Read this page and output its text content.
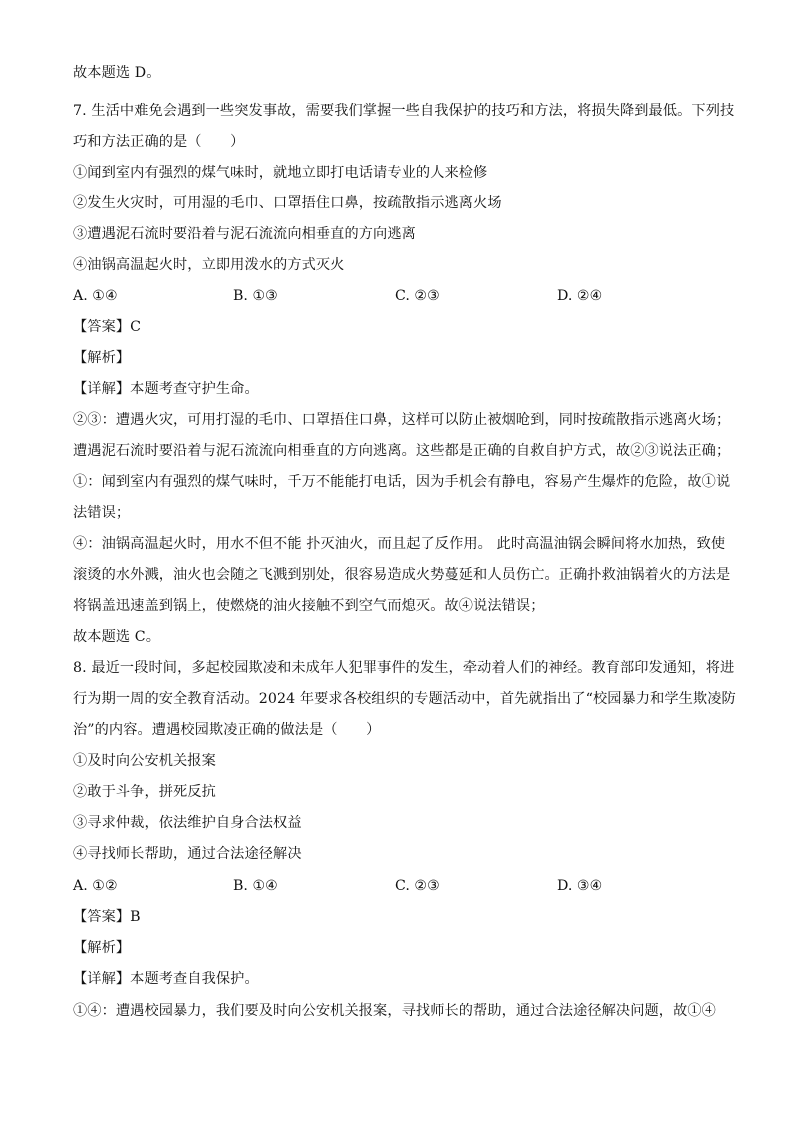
故本题选 D。
7. 生活中难免会遇到一些突发事故，需要我们掌握一些自我保护的技巧和方法，将损失降到最低。下列技
巧和方法正确的是（　　）
①闻到室内有强烈的煤气味时，就地立即打电话请专业的人来检修
②发生火灾时，可用湿的毛巾、口罩捂住口鼻，按疏散指示逃离火场
③遭遇泥石流时要沿着与泥石流流向相垂直的方向逃离
④油锅高温起火时，立即用泼水的方式灭火
A. ①④	B. ①③	C. ②③	D. ②④
【答案】C
【解析】
【详解】本题考查守护生命。
②③：遭遇火灾，可用打湿的毛巾、口罩捂住口鼻，这样可以防止被烟呛到，同时按疏散指示逃离火场；
遭遇泥石流时要沿着与泥石流流向相垂直的方向逃离。这些都是正确的自救自护方式，故②③说法正确；
①：闻到室内有强烈的煤气味时，千万不能能打电话，因为手机会有静电，容易产生爆炸的危险，故①说
法错误；
④：油锅高温起火时，用水不但不能 扑灭油火，而且起了反作用。 此时高温油锅会瞬间将水加热，致使
滚烫的水外溅，油火也会随之飞溅到别处，很容易造成火势蔓延和人员伤亡。正确扑救油锅着火的方法是
将锅盖迅速盖到锅上，使燃烧的油火接触不到空气而熄灭。故④说法错误；
故本题选 C。
8. 最近一段时间，多起校园欺凌和未成年人犯罪事件的发生，牵动着人们的神经。教育部印发通知，将进
行为期一周的安全教育活动。2024 年要求各校组织的专题活动中，首先就指出了“校园暴力和学生欺凌防
治”的内容。遭遇校园欺凌正确的做法是（　　）
①及时向公安机关报案
②敢于斗争，拼死反抗
③寻求仲裁，依法维护自身合法权益
④寻找师长帮助，通过合法途径解决
A. ①②	B. ①④	C. ②③	D. ③④
【答案】B
【解析】
【详解】本题考查自我保护。
①④：遭遇校园暴力，我们要及时向公安机关报案，寻找师长的帮助，通过合法途径解决问题，故①④
